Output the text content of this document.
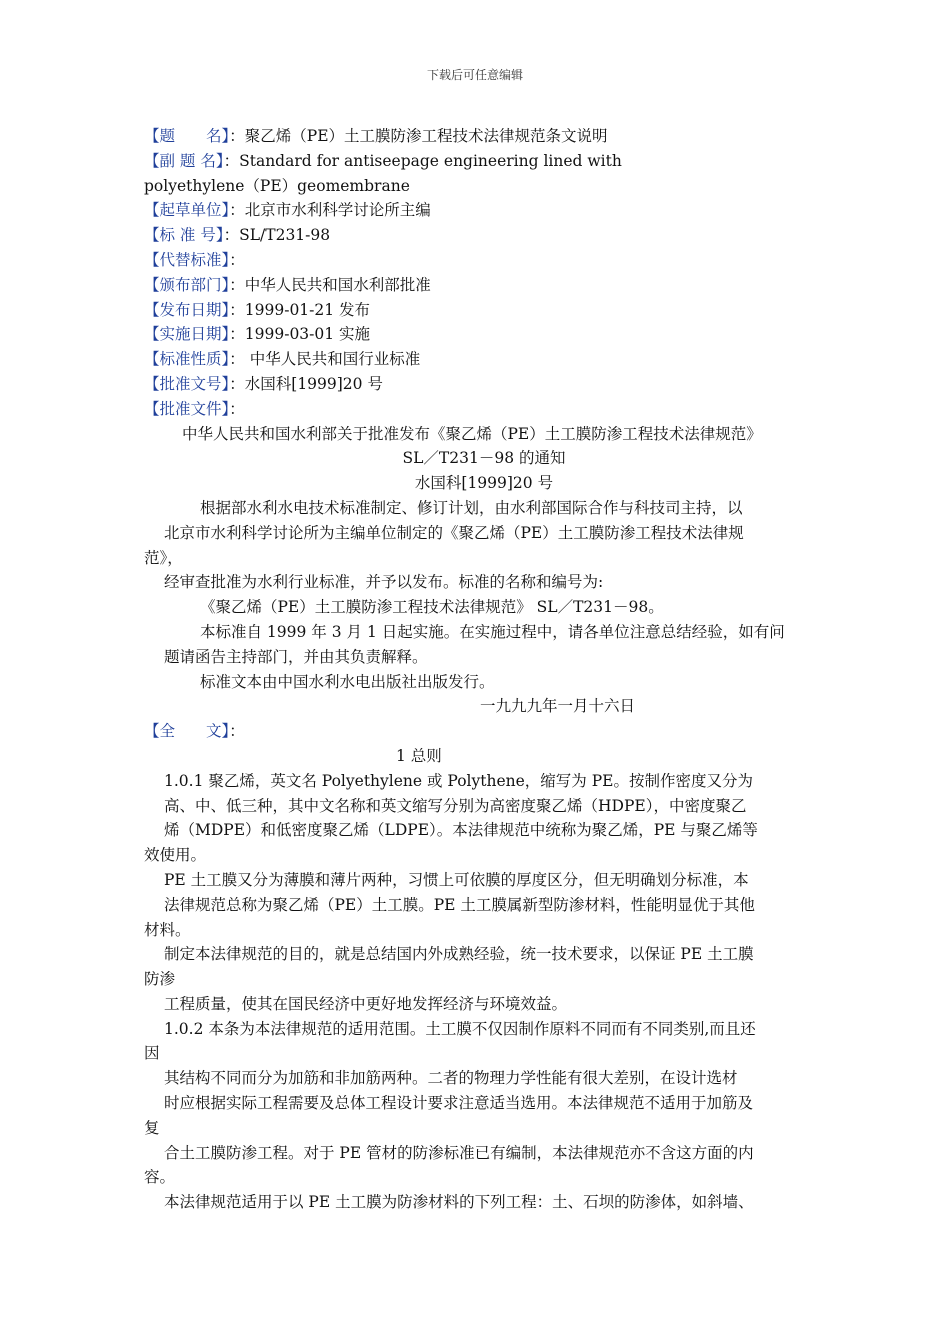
下载后可任意编辑
【题　　名】：聚乙烯（PE）土工膜防渗工程技术法律规范条文说明
【副 题 名】：Standard for antiseepage engineering lined with
polyethylene（PE）geomembrane
【起草单位】：北京市水利科学讨论所主编
【标 准 号】：SL/T231-98
【代替标准】：
【颁布部门】：中华人民共和国水利部批准
【发布日期】：1999-01-21 发布
【实施日期】：1999-03-01 实施
【标准性质】： 中华人民共和国行业标准
【批准文号】：水国科[1999]20 号
【批准文件】：
中华人民共和国水利部关于批准发布《聚乙烯（PE）土工膜防渗工程技术法律规范》
SL／T231－98 的通知
水国科[1999]20 号
根据部水利水电技术标准制定、修订计划，由水利部国际合作与科技司主持，以
北京市水利科学讨论所为主编单位制定的《聚乙烯（PE）土工膜防渗工程技术法律规
范》，
经审查批准为水利行业标准，并予以发布。标准的名称和编号为:
《聚乙烯（PE）土工膜防渗工程技术法律规范》 SL／T231－98。
本标准自 1999 年 3 月 1 日起实施。在实施过程中，请各单位注意总结经验，如有问
题请函告主持部门，并由其负责解释。
标准文本由中国水利水电出版社出版发行。
一九九九年一月十六日
【全　　文】：
1 总则
1.0.1 聚乙烯，英文名 Polyethylene 或 Polythene，缩写为 PE。按制作密度又分为
高、中、低三种，其中文名称和英文缩写分别为高密度聚乙烯（HDPE），中密度聚乙
烯（MDPE）和低密度聚乙烯（LDPE）。本法律规范中统称为聚乙烯，PE 与聚乙烯等
效使用。
PE 土工膜又分为薄膜和薄片两种，习惯上可依膜的厚度区分，但无明确划分标准，本
法律规范总称为聚乙烯（PE）土工膜。PE 土工膜属新型防渗材料，性能明显优于其他
材料。
制定本法律规范的目的，就是总结国内外成熟经验，统一技术要求，以保证 PE 土工膜
防渗
工程质量，使其在国民经济中更好地发挥经济与环境效益。
1.0.2 本条为本法律规范的适用范围。土工膜不仅因制作原料不同而有不同类别,而且还
因
其结构不同而分为加筋和非加筋两种。二者的物理力学性能有很大差别，在设计选材
时应根据实际工程需要及总体工程设计要求注意适当选用。本法律规范不适用于加筋及
复
合土工膜防渗工程。对于 PE 管材的防渗标准已有编制，本法律规范亦不含这方面的内
容。
本法律规范适用于以 PE 土工膜为防渗材料的下列工程：土、石坝的防渗体，如斜墙、
